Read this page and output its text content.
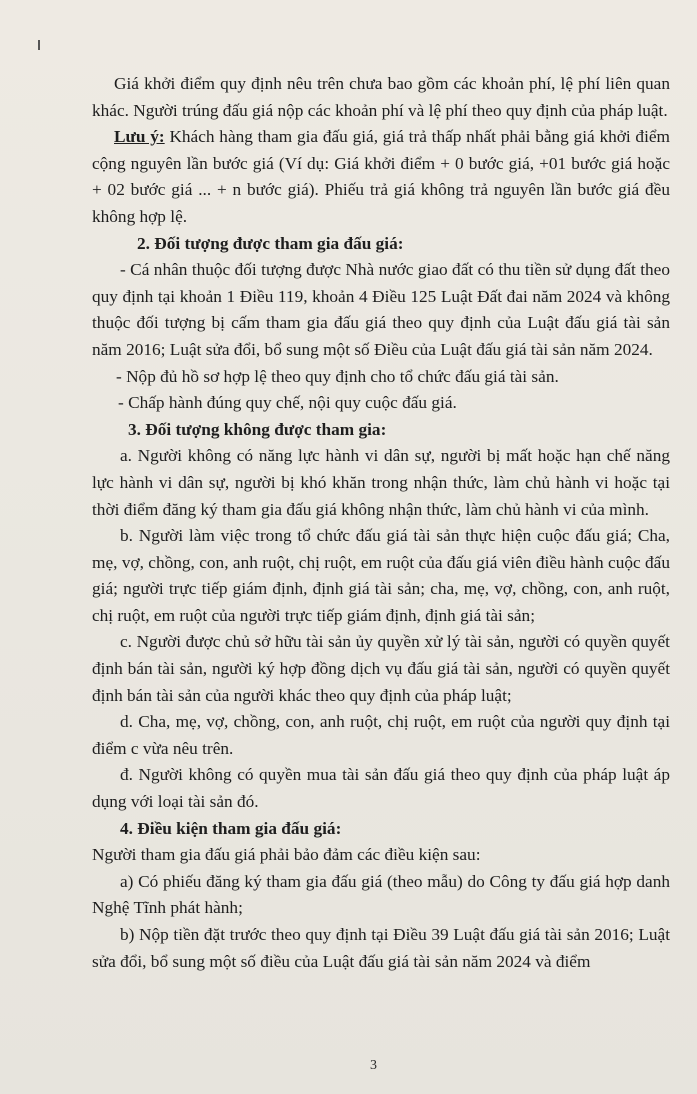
Giá khởi điểm quy định nêu trên chưa bao gồm các khoản phí, lệ phí liên quan khác. Người trúng đấu giá nộp các khoản phí và lệ phí theo quy định của pháp luật.

Lưu ý: Khách hàng tham gia đấu giá, giá trả thấp nhất phải bằng giá khởi điểm cộng nguyên lần bước giá (Ví dụ: Giá khởi điểm + 0 bước giá, +01 bước giá hoặc + 02 bước giá ... + n bước giá). Phiếu trả giá không trả nguyên lần bước giá đều không hợp lệ.

2. Đối tượng được tham gia đấu giá:

- Cá nhân thuộc đối tượng được Nhà nước giao đất có thu tiền sử dụng đất theo quy định tại khoản 1 Điều 119, khoản 4 Điều 125 Luật Đất đai năm 2024 và không thuộc đối tượng bị cấm tham gia đấu giá theo quy định của Luật đấu giá tài sản năm 2016; Luật sửa đổi, bổ sung một số Điều của Luật đấu giá tài sản năm 2024.

- Nộp đủ hồ sơ hợp lệ theo quy định cho tổ chức đấu giá tài sản.

- Chấp hành đúng quy chế, nội quy cuộc đấu giá.

3. Đối tượng không được tham gia:

a. Người không có năng lực hành vi dân sự, người bị mất hoặc hạn chế năng lực hành vi dân sự, người bị khó khăn trong nhận thức, làm chủ hành vi hoặc tại thời điểm đăng ký tham gia đấu giá không nhận thức, làm chủ hành vi của mình.

b. Người làm việc trong tổ chức đấu giá tài sản thực hiện cuộc đấu giá; Cha, mẹ, vợ, chồng, con, anh ruột, chị ruột, em ruột của đấu giá viên điều hành cuộc đấu giá; người trực tiếp giám định, định giá tài sản; cha, mẹ, vợ, chồng, con, anh ruột, chị ruột, em ruột của người trực tiếp giám định, định giá tài sản;

c. Người được chủ sở hữu tài sản ủy quyền xử lý tài sản, người có quyền quyết định bán tài sản, người ký hợp đồng dịch vụ đấu giá tài sản, người có quyền quyết định bán tài sản của người khác theo quy định của pháp luật;

d. Cha, mẹ, vợ, chồng, con, anh ruột, chị ruột, em ruột của người quy định tại điểm c vừa nêu trên.

đ. Người không có quyền mua tài sản đấu giá theo quy định của pháp luật áp dụng với loại tài sản đó.

4. Điều kiện tham gia đấu giá:

Người tham gia đấu giá phải bảo đảm các điều kiện sau:

a) Có phiếu đăng ký tham gia đấu giá (theo mẫu) do Công ty đấu giá hợp danh Nghệ Tĩnh phát hành;

b) Nộp tiền đặt trước theo quy định tại Điều 39 Luật đấu giá tài sản 2016; Luật sửa đổi, bổ sung một số điều của Luật đấu giá tài sản năm 2024 và điểm

3
